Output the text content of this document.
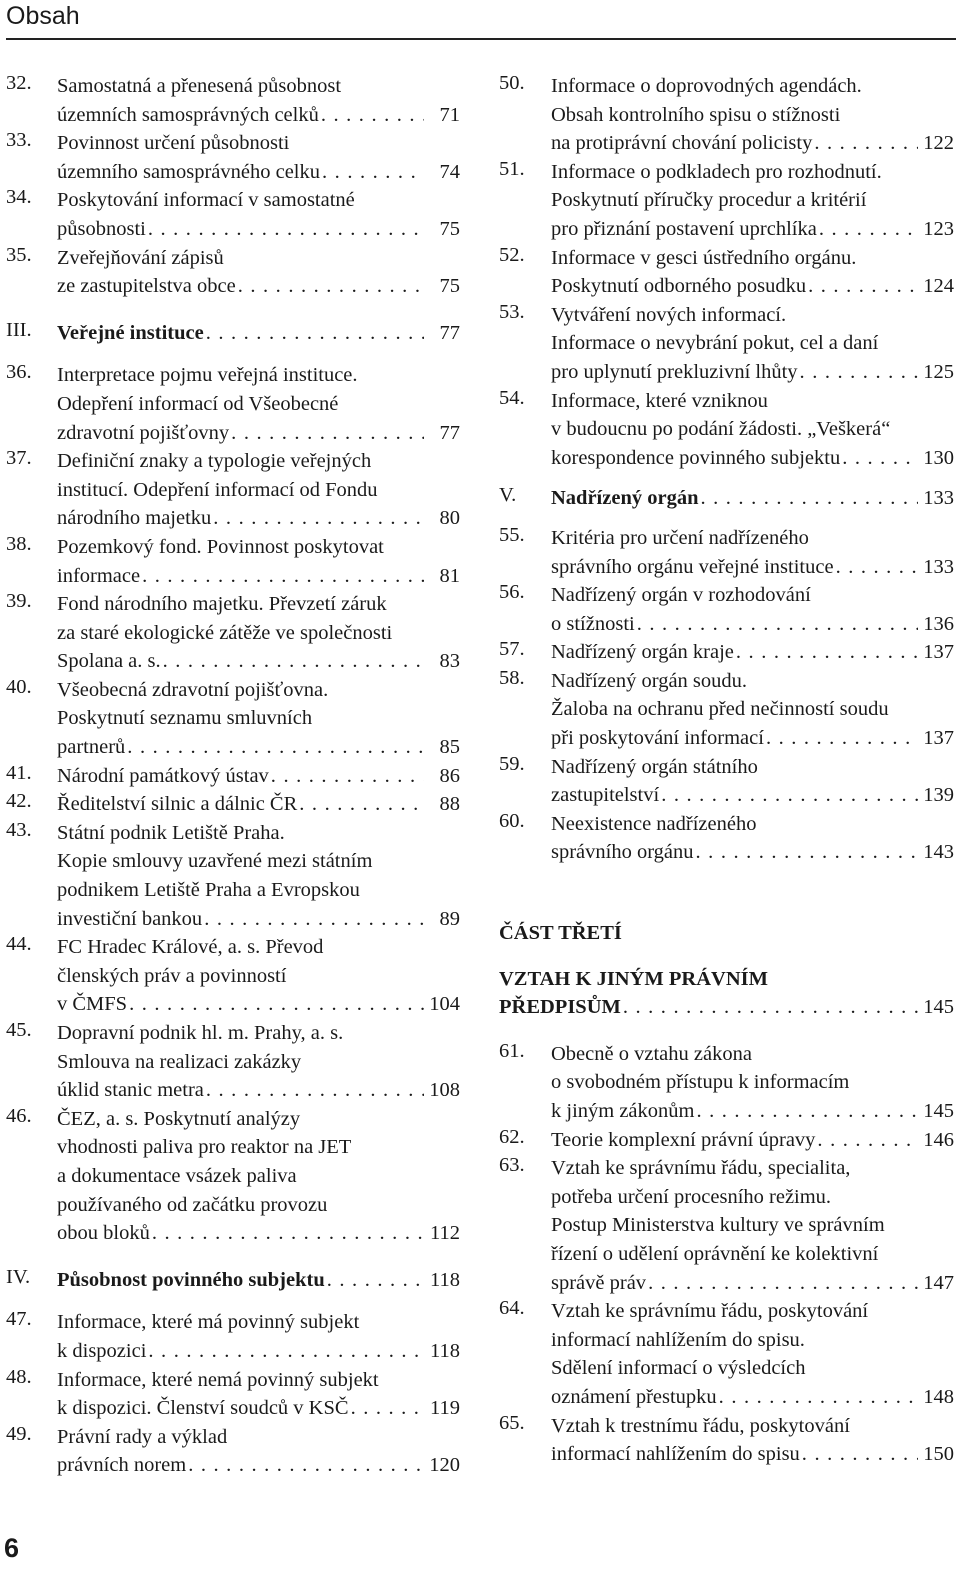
Obsah
32.	Samostatná a přenesená působnost
územních samosprávných celků . . .	71
33.	Povinnost určení působnosti
územního samosprávného celku . . .	74
34.	Poskytování informací v samostatné
působnosti . . .	75
35.	Zveřejňování zápisů
ze zastupitelstva obce . . .	75
III. Veřejné instituce . . .	77
36.	Interpretace pojmu veřejná instituce.
Odepření informací od Všeobecné
zdravotní pojišťovny . . .	77
37.	Definiční znaky a typologie veřejných
institucí. Odepření informací od Fondu
národního majetku . . .	80
38.	Pozemkový fond. Povinnost poskytovat
informace . . .	81
39.	Fond národního majetku. Převzetí záruk
za staré ekologické zátěže ve společnosti
Spolana a. s. . . .	83
40.	Všeobecná zdravotní pojišťovna.
Poskytnutí seznamu smluvních
partnerů . . .	85
41. Národní památkový ústav . . .	86
42. Ředitelství silnic a dálnic ČR . . .	88
43.	Státní podnik Letiště Praha.
Kopie smlouvy uzavřené mezi státním
podnikem Letiště Praha a Evropskou
investiční bankou . . .	89
44.	FC Hradec Králové, a. s. Převod
členských práv a povinností
v ČMFS . . .	104
45.	Dopravní podnik hl. m. Prahy, a. s.
Smlouva na realizaci zakázky
úklid stanic metra . . .	108
46.	ČEZ, a. s. Poskytnutí analýzy
vhodnosti paliva pro reaktor na JET
a dokumentace vsázek paliva
používaného od začátku provozu
obou bloků . . .	112
IV. Působnost povinného subjektu . . .	118
47.	Informace, které má povinný subjekt
k dispozici . . .	118
48.	Informace, které nemá povinný subjekt
k dispozici. Členství soudců v KSČ . . .	119
49.	Právní rady a výklad
právních norem . . .	120
50.	Informace o doprovodných agendách.
Obsah kontrolního spisu o stížnosti
na protiprávní chování policisty . . .	122
51.	Informace o podkladech pro rozhodnutí.
Poskytnutí příručky procedur a kritérií
pro přiznání postavení uprchlíka . . .	123
52.	Informace v gesci ústředního orgánu.
Poskytnutí odborného posudku . . .	124
53.	Vytváření nových informací.
Informace o nevybrání pokut, cel a daní
pro uplynutí prekluzivní lhůty . . .	125
54.	Informace, které vzniknou
v budoucnu po podání žádosti. „Veškerá“
korespondence povinného subjektu . . .	130
V. Nadřízený orgán . . .	133
55.	Kritéria pro určení nadřízeného
správního orgánu veřejné instituce . . .	133
56.	Nadřízený orgán v rozhodování
o stížnosti . . .	136
57. Nadřízený orgán kraje . . .	137
58.	Nadřízený orgán soudu.
Žaloba na ochranu před nečinností soudu
při poskytování informací . . .	137
59.	Nadřízený orgán státního
zastupitelství . . .	139
60.	Neexistence nadřízeného
správního orgánu . . .	143
ČÁST TŘETÍ
VZTAH K JINÝM PRÁVNÍM
PŘEDPISŮM . . .	145
61.	Obecně o vztahu zákona
o svobodném přístupu k informacím
k jiným zákonům . . .	145
62. Teorie komplexní právní úpravy . . .	146
63.	Vztah ke správnímu řádu, specialita,
potřeba určení procesního režimu.
Postup Ministerstva kultury ve správním
řízení o udělení oprávnění ke kolektivní
správě práv . . .	147
64.	Vztah ke správnímu řádu, poskytování
informací nahlížením do spisu.
Sdělení informací o výsledcích
oznámení přestupku . . .	148
65.	Vztah k trestnímu řádu, poskytování
informací nahlížením do spisu . . .	150
6
